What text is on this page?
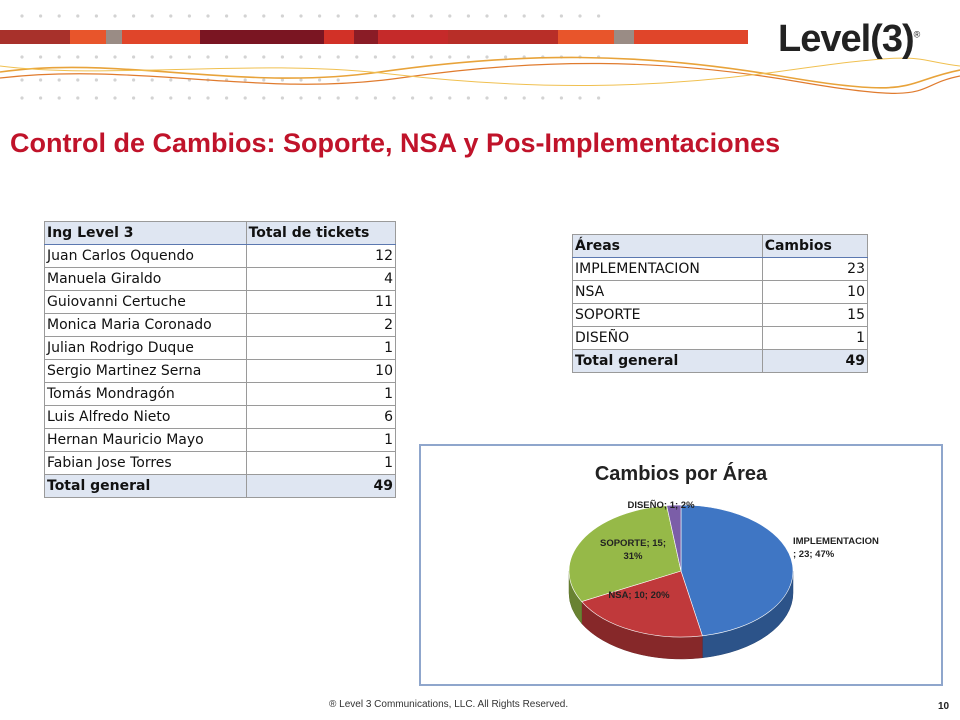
Level(3)®
Control de Cambios: Soporte, NSA y Pos-Implementaciones
Ing Level 3	Total de tickets
Juan Carlos Oquendo	12
Manuela Giraldo	4
Guiovanni Certuche	11
Monica Maria Coronado	2
Julian Rodrigo Duque	1
Sergio Martinez Serna	10
Tomás Mondragón	1
Luis Alfredo Nieto	6
Hernan Mauricio Mayo	1
Fabian Jose Torres	1
Total general	49
Áreas	Cambios
IMPLEMENTACION	23
NSA	10
SOPORTE	15
DISEÑO	1
Total general	49
Cambios por Área
IMPLEMENTACION ; 23; 47%
NSA; 10; 20%
SOPORTE; 15; 31%
DISEÑO; 1; 2%
® Level 3 Communications, LLC. All Rights Reserved.	10
